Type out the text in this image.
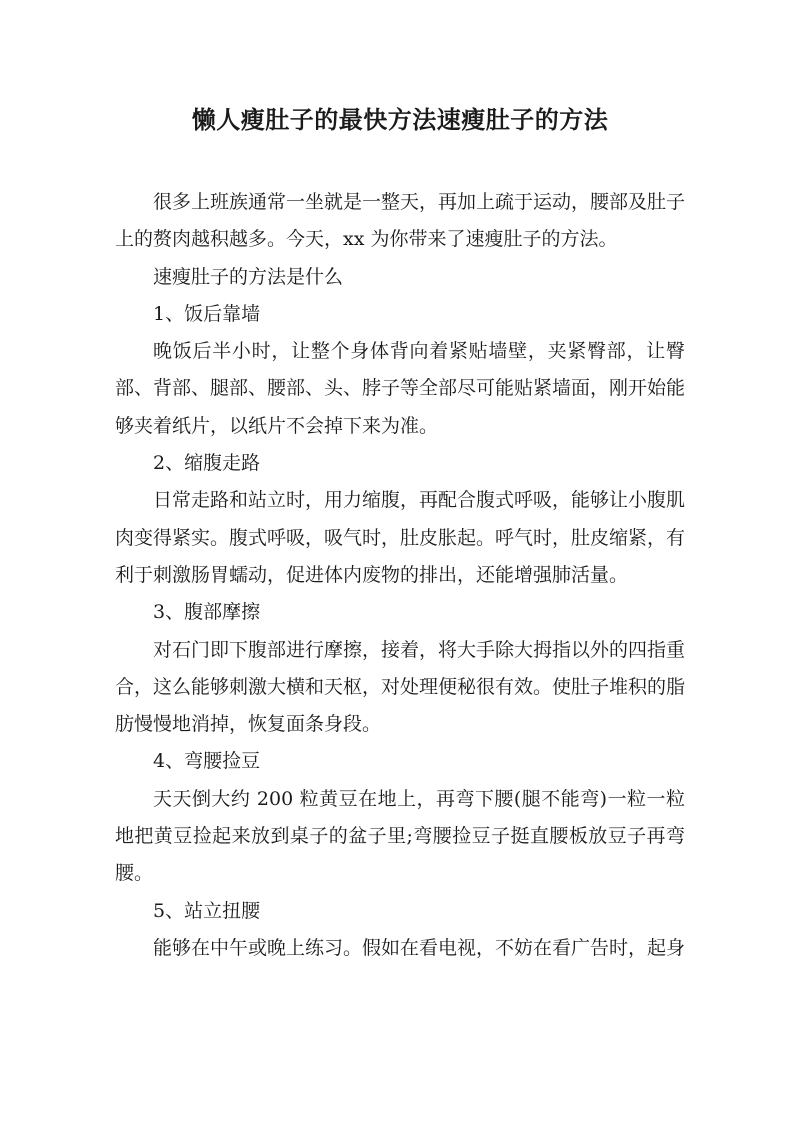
懒人瘦肚子的最快方法速瘦肚子的方法

很多上班族通常一坐就是一整天，再加上疏于运动，腰部及肚子上的赘肉越积越多。今天，xx 为你带来了速瘦肚子的方法。

速瘦肚子的方法是什么

1、饭后靠墙

晚饭后半小时，让整个身体背向着紧贴墙壁，夹紧臀部，让臀部、背部、腿部、腰部、头、脖子等全部尽可能贴紧墙面，刚开始能够夹着纸片，以纸片不会掉下来为准。

2、缩腹走路

日常走路和站立时，用力缩腹，再配合腹式呼吸，能够让小腹肌肉变得紧实。腹式呼吸，吸气时，肚皮胀起。呼气时，肚皮缩紧，有利于刺激肠胃蠕动，促进体内废物的排出，还能增强肺活量。

3、腹部摩擦

对石门即下腹部进行摩擦，接着，将大手除大拇指以外的四指重合，这么能够刺激大横和天枢，对处理便秘很有效。使肚子堆积的脂肪慢慢地消掉，恢复面条身段。

4、弯腰捡豆

天天倒大约 200 粒黄豆在地上，再弯下腰(腿不能弯)一粒一粒地把黄豆捡起来放到桌子的盆子里;弯腰捡豆子挺直腰板放豆子再弯腰。

5、站立扭腰

能够在中午或晚上练习。假如在看电视，不妨在看广告时，起身
